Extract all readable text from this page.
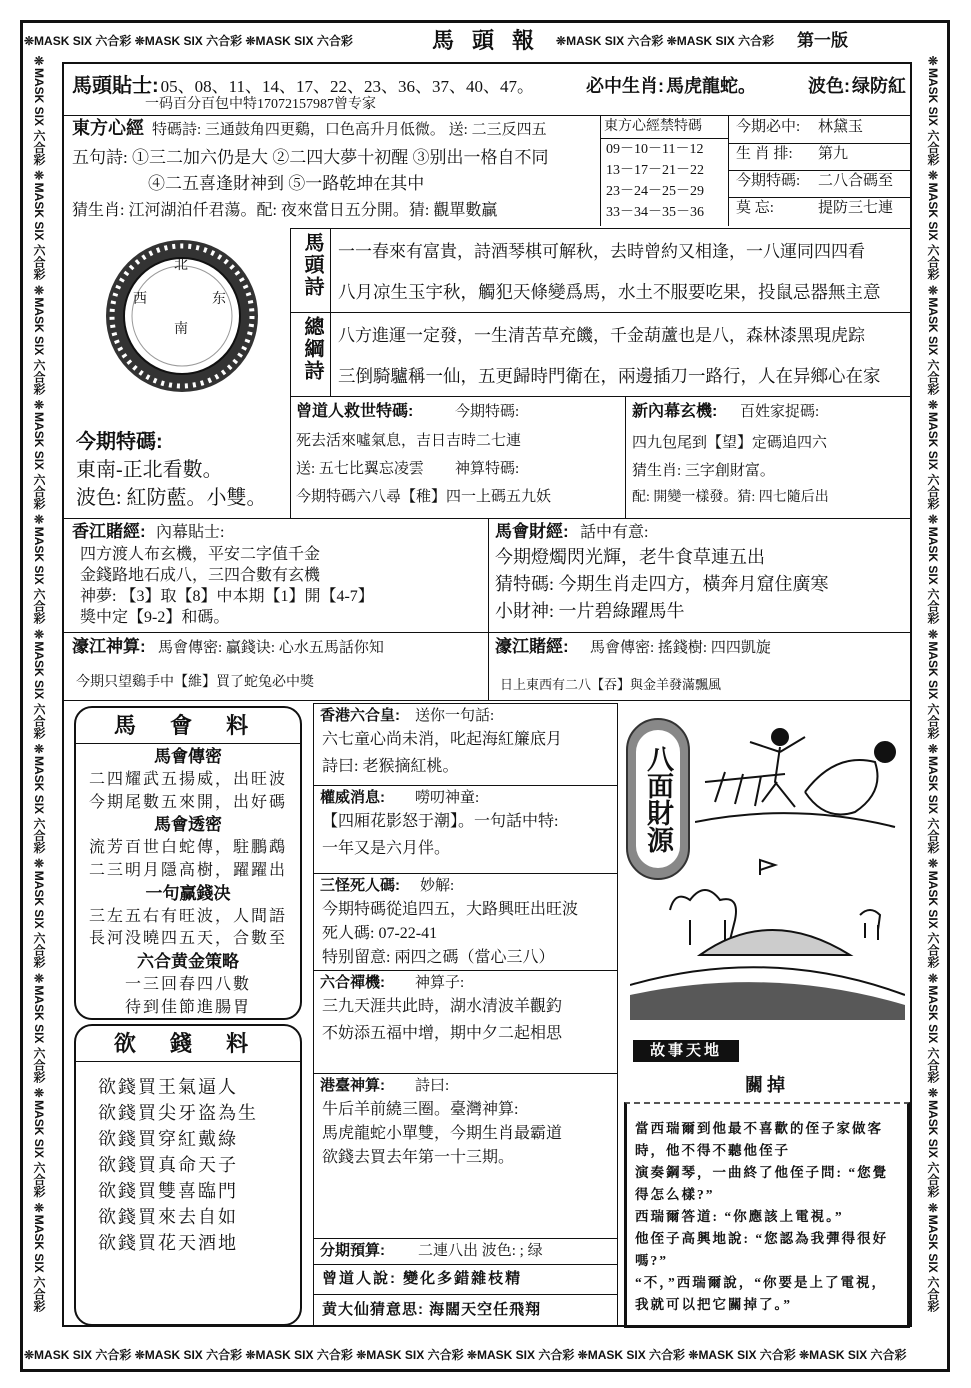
❊MASK SIX 六合彩 ❊MASK SIX 六合彩 ❊MASK SIX 六合彩	馬頭報 ❊MASK SIX 六合彩 ❊MASK SIX 六合彩	第一版
❊MASK SIX 六合彩 ❊MASK SIX 六合彩 ❊MASK SIX 六合彩 ❊MASK SIX 六合彩 ❊MASK SIX 六合彩 ❊MASK SIX 六合彩 ❊MASK SIX 六合彩 ❊MASK SIX 六合彩
❊MASK SIX 六合彩 ❊MASK SIX 六合彩 ❊MASK SIX 六合彩 ❊MASK SIX 六合彩 ❊MASK SIX 六合彩 ❊MASK SIX 六合彩 ❊MASK SIX 六合彩 ❊MASK SIX 六合彩 ❊MASK SIX 六合彩 ❊MASK SIX 六合彩 ❊MASK SIX 六合彩	❊MASK SIX 六合彩 ❊MASK SIX 六合彩 ❊MASK SIX 六合彩 ❊MASK SIX 六合彩 ❊MASK SIX 六合彩 ❊MASK SIX 六合彩 ❊MASK SIX 六合彩 ❊MASK SIX 六合彩 ❊MASK SIX 六合彩 ❊MASK SIX 六合彩 ❊MASK SIX 六合彩
馬頭貼士: 05、08、11、14、17、22、23、36、37、40、47。	必中生肖: 馬虎龍蛇。	波色: 绿防紅
一码百分百包中特17072157987曾专家
東方心經 特碼詩: 三通鼓角四更鷄，口色高升月低微。 送: 二三反四五
五句詩: ①三二加六仍是大 ②二四大夢十初醒 ③别出一格自不同
④二五喜逢財神到 ⑤一路乾坤在其中
猜生肖: 江河湖泊仟君蕩。配: 夜來當日五分開。猜: 觀單數贏
東方心經禁特碼
09－10－11－12
13－17－21－22
23－24－25－29
33－34－35－36
今期必中: 林黛玉
生 肖 排: 第九
今期特碼: 二八合碼至
莫 忘:	提防三七連
北
西	东
南
今期特碼:
東南-正北看數。
波色: 紅防藍。小雙。
馬頭詩 一一春來有富貴，詩酒琴棋可解秋，去時曾約又相逢，一八運同四四看
八月凉生玉宇秋，觸犯天條變爲馬，水土不服要吃果，投鼠忌器無主意
總綱詩 八方進運一定發，一生清苦草充饑，千金葫蘆也是八，森林漆黑現虎踪
三倒騎驢稱一仙，五更歸時門衛在，兩邊插刀一路行，人在异鄉心在家
曾道人救世特碼:	今期特碼:
死去活來噓氣息，吉日吉時二七連
送: 五七比翼忘凌雲 神算特碼:
今期特碼六八尋【稚】四一上碼五九妖
新內幕玄機: 百姓家捉碼:
四九包尾到【望】定碼追四六
猜生肖: 三字創財富。
配: 開變一樣發。猜: 四七隨后出
香江賭經: 內幕貼士:
四方渡人布玄機，平安二字值千金
金錢路地石成八，三四合數有玄機
神夢: 【3】取【8】中本期【1】開【4-7】
獎中定【9-2】和碼。
馬會財經: 話中有意:
今期燈燭閃光輝，老牛食草連五出
猜特碼: 今期生肖走四方，橫奔月窟住廣寒
小財神: 一片碧綠躍馬牛
濠江神算: 馬會傳密: 贏錢诀: 心水五馬話你知
今期只望鷄手中【維】買了蛇兔必中獎
濠江賭經: 馬會傳密: 搖錢樹: 四四凱旋
日上東西有二八【吞】與金羊發滿飄風
馬 會 料
馬會傳密
二四耀武五揚威，出旺波
今期尾數五來開，出好碼
馬會透密
流芳百世白蛇傳，駐鵬鵡
二三明月隱高樹，躍躍出
一句赢錢决
三左五右有旺波，人間語
長河没曉四五天，合數至
六合黄金策略
一三回春四八數
待到佳節進腸胃
欲 錢 料
欲錢買王氣逼人
欲錢買尖牙盗為生
欲錢買穿紅戴綠
欲錢買真命天子
欲錢買雙喜臨門
欲錢買來去自如
欲錢買花天酒地
香港六合皇: 送你一句話:
六七童心尚未消，叱起海紅簾底月
詩曰: 老猴摘紅桃。
權威消息: 嘮叨神童:
【四厢花影怒于潮】。一句話中特:
一年又是六月伴。
三怪死人碼: 妙解:
今期特碼從追四五，大路興旺出旺波
死人碼: 07-22-41
特别留意: 兩四之碼（當心三八）
六合禪機: 神算子:
三九天涯共此時，湖水清波羊觀釣
不妨添五福中增，期中夕二起相思
港臺神算: 詩曰:
牛后羊前繞三圈。臺灣神算:
馬虎龍蛇小單雙，今期生肖最霸道
欲錢去買去年第一十三期。
分期預算: 二連八出 波色: ; 绿
曾道人說: 變化多錯雜枝精
黄大仙猜意思: 海闊天空任飛翔
八面財源
故事天地
關掉

當西瑞爾到他最不喜歡的侄子家做客時，他不得不聽他侄子

演奏鋼琴，一曲終了他侄子問: “您覺得怎么樣?”

西瑞爾答道: “你應該上電視。”

他侄子高興地說: “您認為我彈得很好嗎?”

“不，”西瑞爾說，“你要是上了電視，我就可以把它關掉了。”
